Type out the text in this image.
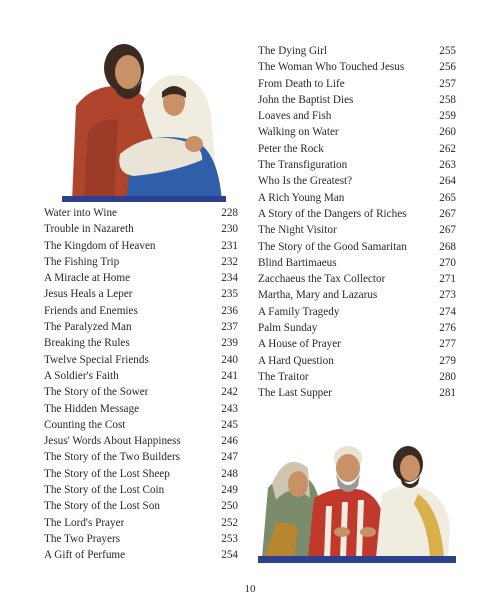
Water into Wine	228
Trouble in Nazareth	230
The Kingdom of Heaven	231
The Fishing Trip	232
A Miracle at Home	234
Jesus Heals a Leper	235
Friends and Enemies	236
The Paralyzed Man	237
Breaking the Rules	239
Twelve Special Friends	240
A Soldier's Faith	241
The Story of the Sower	242
The Hidden Message	243
Counting the Cost	245
Jesus' Words About Happiness	246
The Story of the Two Builders	247
The Story of the Lost Sheep	248
The Story of the Lost Coin	249
The Story of the Lost Son	250
The Lord's Prayer	252
The Two Prayers	253
A Gift of Perfume	254
The Dying Girl	255
The Woman Who Touched Jesus	256
From Death to Life	257
John the Baptist Dies	258
Loaves and Fish	259
Walking on Water	260
Peter the Rock	262
The Transfiguration	263
Who Is the Greatest?	264
A Rich Young Man	265
A Story of the Dangers of Riches	267
The Night Visitor	267
The Story of the Good Samaritan	268
Blind Bartimaeus	270
Zacchaeus the Tax Collector	271
Martha, Mary and Lazarus	273
A Family Tragedy	274
Palm Sunday	276
A House of Prayer	277
A Hard Question	279
The Traitor	280
The Last Supper	281
10
